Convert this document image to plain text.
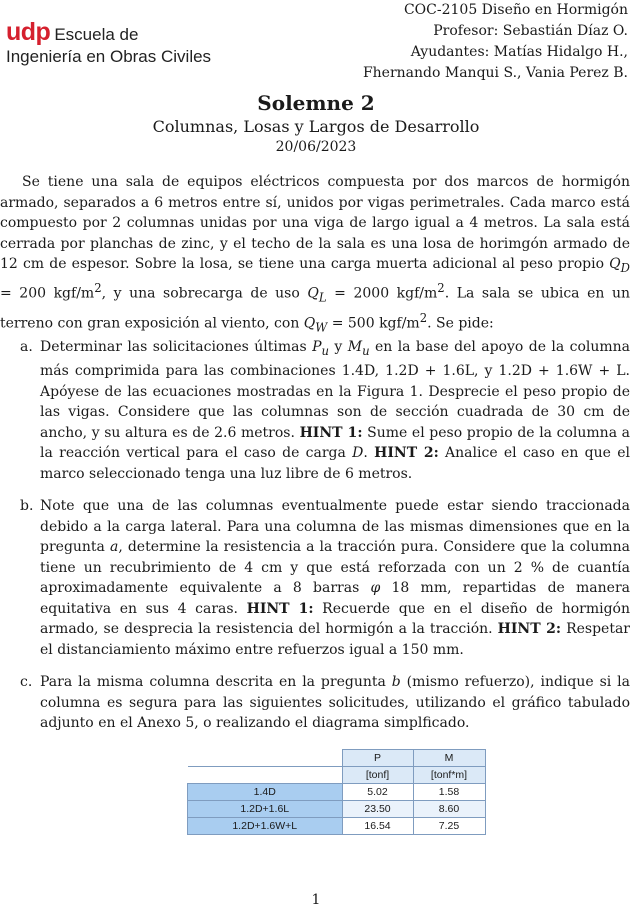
udp Escuela de
Ingeniería en Obras Civiles
COC-2105 Diseño en Hormigón
Profesor: Sebastián Díaz O.
Ayudantes: Matías Hidalgo H.,
Fhernando Manqui S., Vania Perez B.
Solemne 2
Columnas, Losas y Largos de Desarrollo
20/06/2023

Se tiene una sala de equipos eléctricos compuesta por dos marcos de hormigón armado, separados a 6 metros entre sí, unidos por vigas perimetrales. Cada marco está compuesto por 2 columnas unidas por una viga de largo igual a 4 metros. La sala está cerrada por planchas de zinc, y el techo de la sala es una losa de horimgón armado de 12 cm de espesor. Sobre la losa, se tiene una carga muerta adicional al peso propio $Q_D = 200$ kgf/$m^2$, y una sobrecarga de uso $Q_L = 2000$ kgf/$m^2$. La sala se ubica en un terreno con gran exposición al viento, con $Q_W = 500$ kgf/$m^2$. Se pide:

a. Determinar las solicitaciones últimas $P_u$ y $M_u$ en la base del apoyo de la columna más comprimida para las combinaciones 1.4D, 1.2D + 1.6L, y 1.2D + 1.6W + L. Apóyese de las ecuaciones mostradas en la Figura 1. Desprecie el peso propio de las vigas. Considere que las columnas son de sección cuadrada de 30 cm de ancho, y su altura es de 2.6 metros. HINT 1: Sume el peso propio de la columna a la reacción vertical para el caso de carga D. HINT 2: Analice el caso en que el marco seleccionado tenga una luz libre de 6 metros.
b. Note que una de las columnas eventualmente puede estar siendo traccionada debido a la carga lateral. Para una columna de las mismas dimensiones que en la pregunta a, determine la resistencia a la tracción pura. Considere que la columna tiene un recubrimiento de 4 cm y que está reforzada con un 2 % de cuantía aproximadamente equivalente a 8 barras φ 18 mm, repartidas de manera equitativa en sus 4 caras. HINT 1: Recuerde que en el diseño de hormigón armado, se desprecia la resistencia del hormigón a la tracción. HINT 2: Respetar el distanciamiento máximo entre refuerzos igual a 150 mm.
c. Para la misma columna descrita en la pregunta b (mismo refuerzo), indique si la columna es segura para las siguientes solicitudes, utilizando el gráfico tabulado adjunto en el Anexo 5, o realizando el diagrama simplficado.
	P	M
	[tonf]	[tonf*m]
1.4D	5.02	1.58
1.2D+1.6L	23.50	8.60
1.2D+1.6W+L	16.54	7.25
1
